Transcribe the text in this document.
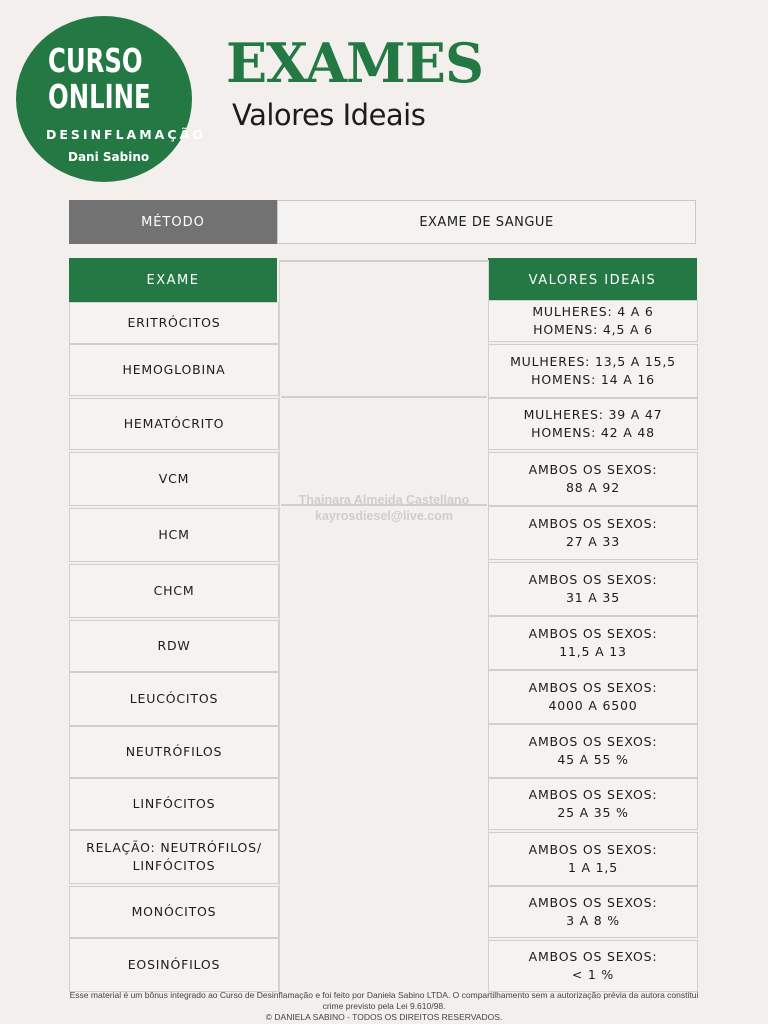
CURSO
ONLINE
DESINFLAMAÇÃO
Dani Sabino
EXAMES
Valores Ideais
MÉTODO	EXAME DE SANGUE
EXAME	VALORES IDEAIS
ERITRÓCITOS
MULHERES: 4 A 6
HOMENS: 4,5 A 6
HEMOGLOBINA
MULHERES: 13,5 A 15,5
HOMENS: 14 A 16
HEMATÓCRITO
MULHERES: 39 A 47
HOMENS: 42 A 48
VCM
AMBOS OS SEXOS:
88 A 92
HCM
AMBOS OS SEXOS:
27 A 33
CHCM
AMBOS OS SEXOS:
31 A 35
RDW
AMBOS OS SEXOS:
11,5 A 13
LEUCÓCITOS
AMBOS OS SEXOS:
4000 A 6500
NEUTRÓFILOS
AMBOS OS SEXOS:
45 A 55 %
LINFÓCITOS
AMBOS OS SEXOS:
25 A 35 %
RELAÇÃO: NEUTRÓFILOS/
LINFÓCITOS
AMBOS OS SEXOS:
1 A 1,5
MONÓCITOS
AMBOS OS SEXOS:
3 A 8 %
EOSINÓFILOS
AMBOS OS SEXOS:
< 1 %
Thainara Almeida Castellano
kayrosdiesel@live.com
Esse material é um bônus integrado ao Curso de Desinflamação e foi feito por Daniela Sabino LTDA. O compartilhamento sem a autorização prévia da autora constitui
crime previsto pela Lei 9.610/98.
© DANIELA SABINO - TODOS OS DIREITOS RESERVADOS.
